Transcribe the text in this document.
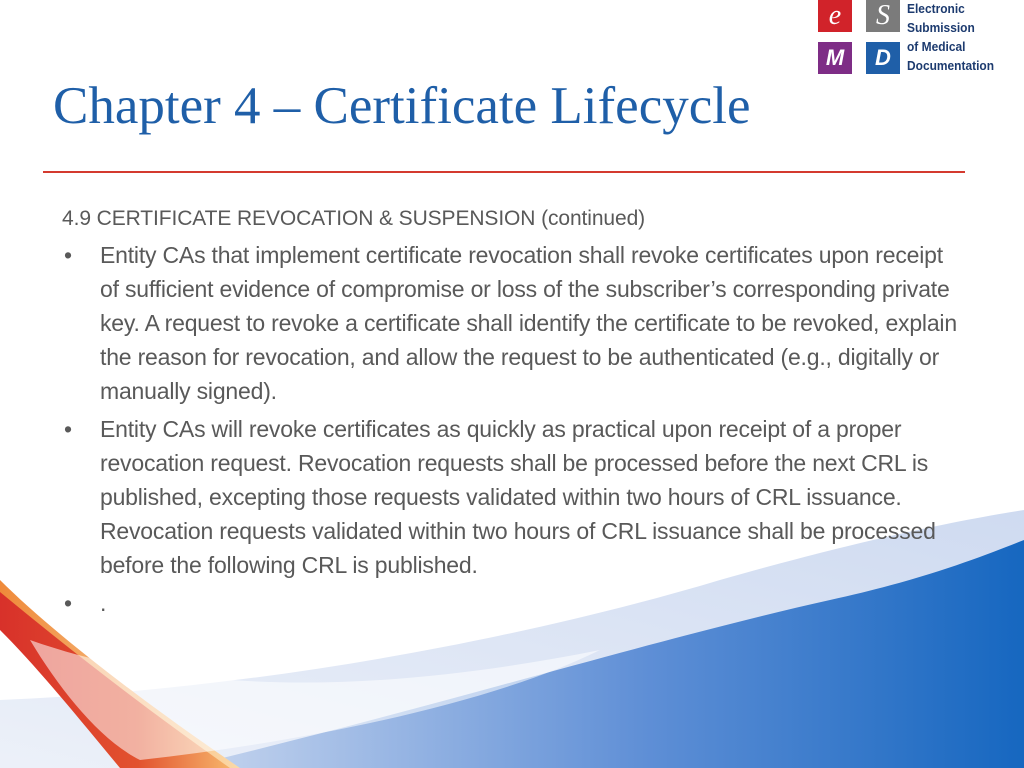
e	S
M	D
Electronic
Submission
of Medical
Documentation
Chapter 4 – Certificate Lifecycle

4.9 CERTIFICATE REVOCATION & SUSPENSION (continued)

• Entity CAs that implement certificate revocation shall revoke certificates upon receipt of sufficient evidence of compromise or loss of the subscriber’s corresponding private key. A request to revoke a certificate shall identify the certificate to be revoked, explain the reason for revocation, and allow the request to be authenticated (e.g., digitally or manually signed).
• Entity CAs will revoke certificates as quickly as practical upon receipt of a proper revocation request. Revocation requests shall be processed before the next CRL is published, excepting those requests validated within two hours of CRL issuance. Revocation requests validated within two hours of CRL issuance shall be processed before the following CRL is published.
• .
